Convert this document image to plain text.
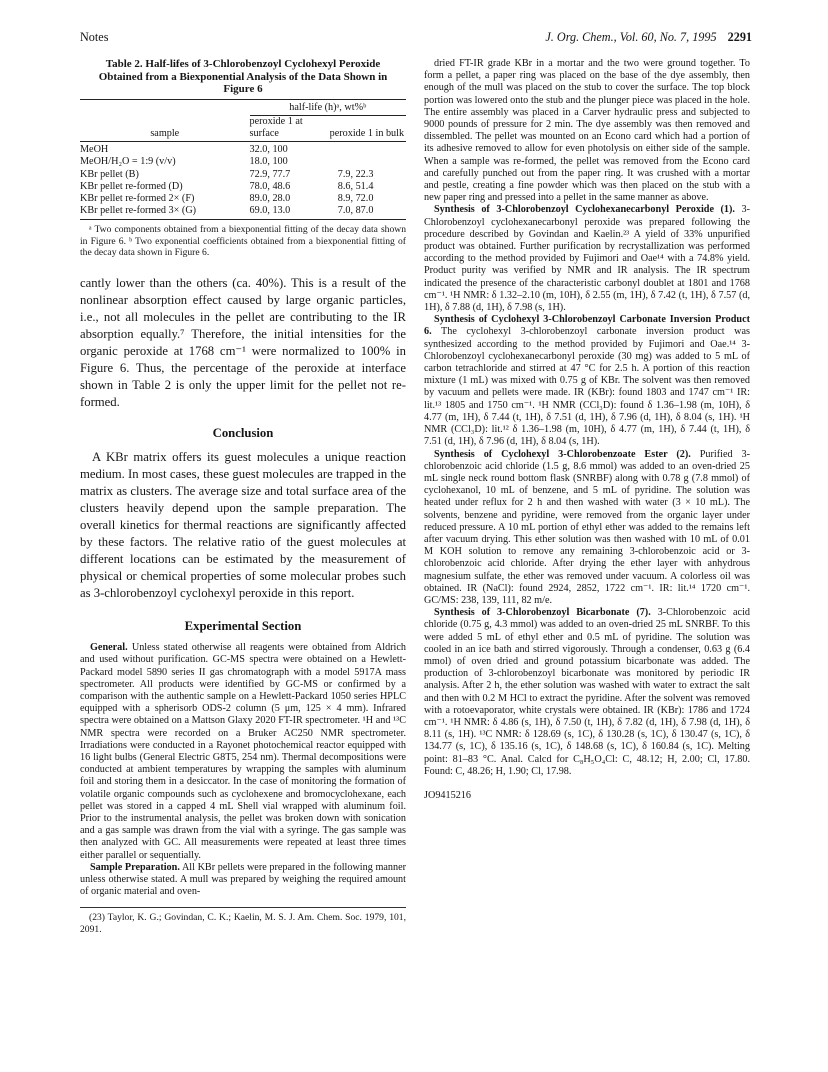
Notes	J. Org. Chem., Vol. 60, No. 7, 1995 2291
Table 2. Half-lifes of 3-Chlorobenzoyl Cyclohexyl Peroxide Obtained from a Biexponential Analysis of the Data Shown in Figure 6
	half-life (h)ᵃ, wt%ᵇ	
sample	peroxide 1 at surface	peroxide 1 in bulk
MeOH	32.0, 100	
MeOH/H₂O = 1:9 (v/v)	18.0, 100	
KBr pellet (B)	72.9, 77.7	7.9, 22.3
KBr pellet re-formed (D)	78.0, 48.6	8.6, 51.4
KBr pellet re-formed 2× (F)	89.0, 28.0	8.9, 72.0
KBr pellet re-formed 3× (G)	69.0, 13.0	7.0, 87.0
ᵃ Two components obtained from a biexponential fitting of the decay data shown in Figure 6. ᵇ Two exponential coefficients obtained from a biexponential fitting of the decay data shown in Figure 6.

cantly lower than the others (ca. 40%). This is a result of the nonlinear absorption effect caused by large organic particles, i.e., not all molecules in the pellet are contributing to the IR absorption equally.⁷ Therefore, the initial intensities for the organic peroxide at 1768 cm⁻¹ were normalized to 100% in Figure 6. Thus, the percentage of the peroxide at interface shown in Table 2 is only the upper limit for the pellet not re-formed.

Conclusion

A KBr matrix offers its guest molecules a unique reaction medium. In most cases, these guest molecules are trapped in the matrix as clusters. The average size and total surface area of the clusters heavily depend upon the sample preparation. The overall kinetics for thermal reactions are significantly affected by these factors. The relative ratio of the guest molecules at different locations can be estimated by the measurement of physical or chemical properties of some molecular probes such as 3-chlorobenzoyl cyclohexyl peroxide in this report.

Experimental Section

General. Unless stated otherwise all reagents were obtained from Aldrich and used without purification. GC-MS spectra were obtained on a Hewlett-Packard model 5890 series II gas chromatograph with a model 5917A mass spectrometer. All products were identified by GC-MS or confirmed by a comparison with the authentic sample on a Hewlett-Packard 1050 series HPLC equipped with a spherisorb ODS-2 column (5 μm, 125 × 4 mm). Infrared spectra were obtained on a Mattson Glaxy 2020 FT-IR spectrometer. ¹H and ¹³C NMR spectra were recorded on a Bruker AC250 NMR spectrometer. Irradiations were conducted in a Rayonet photochemical reactor equipped with 16 light bulbs (General Electric G8T5, 254 nm). Thermal decompositions were conducted at ambient temperatures by wrapping the samples with aluminum foil and storing them in a desiccator. In the case of monitoring the formation of volatile organic compounds such as cyclohexene and bromocyclohexane, each pellet was stored in a capped 4 mL Shell vial wrapped with aluminum foil. Prior to the instrumental analysis, the pellet was broken down with sonication and a gas sample was drawn from the vial with a syringe. The gas sample was then analyzed with GC. All measurements were repeated at least three times either parallel or sequentially.

Sample Preparation. All KBr pellets were prepared in the following manner unless otherwise stated. A mull was prepared by weighing the required amount of organic material and oven-

(23) Taylor, K. G.; Govindan, C. K.; Kaelin, M. S. J. Am. Chem. Soc. 1979, 101, 2091.

dried FT-IR grade KBr in a mortar and the two were ground together. To form a pellet, a paper ring was placed on the base of the dye assembly, then enough of the mull was placed on the stub to cover the surface. The top block portion was lowered onto the stub and the plunger piece was placed in the hole. The entire assembly was placed in a Carver hydraulic press and subjected to 9000 pounds of pressure for 2 min. The dye assembly was then removed and dissembled. The pellet was mounted on an Econo card which had a portion of its adhesive removed to allow for even photolysis on either side of the sample. When a sample was re-formed, the pellet was removed from the Econo card and carefully punched out from the paper ring. It was crushed with a mortar and pestle, creating a fine powder which was then placed on the stub with a new paper ring and pressed into a pellet in the same manner as above.

Synthesis of 3-Chlorobenzoyl Cyclohexanecarbonyl Peroxide (1). 3-Chlorobenzoyl cyclohexanecarbonyl peroxide was prepared following the procedure described by Govindan and Kaelin.²³ A yield of 33% unpurified product was obtained. Further purification by recrystallization was performed according to the method provided by Fujimori and Oae¹⁴ with a 74.8% yield. Product purity was verified by NMR and IR analysis. The IR spectrum indicated the presence of the characteristic carbonyl doublet at 1801 and 1768 cm⁻¹. ¹H NMR: δ 1.32–2.10 (m, 10H), δ 2.55 (m, 1H), δ 7.42 (t, 1H), δ 7.57 (d, 1H), δ 7.88 (d, 1H), δ 7.98 (s, 1H).

Synthesis of Cyclohexyl 3-Chlorobenzoyl Carbonate Inversion Product 6. The cyclohexyl 3-chlorobenzoyl carbonate inversion product was synthesized according to the method provided by Fujimori and Oae.¹⁴ 3-Chlorobenzoyl cyclohexanecarbonyl peroxide (30 mg) was added to 5 mL of carbon tetrachloride and stirred at 47 °C for 2.5 h. A portion of this reaction mixture (1 mL) was mixed with 0.75 g of KBr. The solvent was then removed by vacuum and pellets were made. IR (KBr): found 1803 and 1747 cm⁻¹ IR: lit.¹³ 1805 and 1750 cm⁻¹. ¹H NMR (CCl₃D): found δ 1.36–1.98 (m, 10H), δ 4.77 (m, 1H), δ 7.44 (t, 1H), δ 7.51 (d, 1H), δ 7.96 (d, 1H), δ 8.04 (s, 1H). ¹H NMR (CCl₃D): lit.¹² δ 1.36–1.98 (m, 10H), δ 4.77 (m, 1H), δ 7.44 (t, 1H), δ 7.51 (d, 1H), δ 7.96 (d, 1H), δ 8.04 (s, 1H).

Synthesis of Cyclohexyl 3-Chlorobenzoate Ester (2). Purified 3-chlorobenzoic acid chloride (1.5 g, 8.6 mmol) was added to an oven-dried 25 mL single neck round bottom flask (SNRBF) along with 0.78 g (7.8 mmol) of cyclohexanol, 10 mL of benzene, and 5 mL of pyridine. The solution was heated under reflux for 2 h and then washed with water (3 × 10 mL). The solvents, benzene and pyridine, were removed from the organic layer under reduced pressure. A 10 mL portion of ethyl ether was added to the remains left after vacuum drying. This ether solution was then washed with 10 mL of 0.01 M KOH solution to remove any remaining 3-chlorobenzoic acid or 3-chlorobenzoic acid chloride. After drying the ether layer with anhydrous magnesium sulfate, the ether was removed under vacuum. A colorless oil was obtained. IR (NaCl): found 2924, 2852, 1722 cm⁻¹. IR: lit.¹⁴ 1720 cm⁻¹. GC/MS: 238, 139, 111, 82 m/e.

Synthesis of 3-Chlorobenzoyl Bicarbonate (7). 3-Chlorobenzoic acid chloride (0.75 g, 4.3 mmol) was added to an oven-dried 25 mL SNRBF. To this were added 5 mL of ethyl ether and 0.5 mL of pyridine. The solution was cooled in an ice bath and stirred vigorously. Through a condenser, 0.63 g (6.4 mmol) of oven dried and ground potassium bicarbonate was added. The production of 3-chlorobenzoyl bicarbonate was monitored by periodic IR analysis. After 2 h, the ether solution was washed with water to extract the salt and then with 0.2 M HCl to extract the pyridine. After the solvent was removed with a rotoevaporator, white crystals were obtained. IR (KBr): 1786 and 1724 cm⁻¹. ¹H NMR: δ 4.86 (s, 1H), δ 7.50 (t, 1H), δ 7.82 (d, 1H), δ 7.98 (d, 1H), δ 8.11 (s, 1H). ¹³C NMR: δ 128.69 (s, 1C), δ 130.28 (s, 1C), δ 130.47 (s, 1C), δ 134.77 (s, 1C), δ 135.16 (s, 1C), δ 148.68 (s, 1C), δ 160.84 (s, 1C). Melting point: 81–83 °C. Anal. Calcd for C₈H₅O₄Cl: C, 48.12; H, 2.00; Cl, 17.80. Found: C, 48.26; H, 1.90; Cl, 17.98.

JO9415216
